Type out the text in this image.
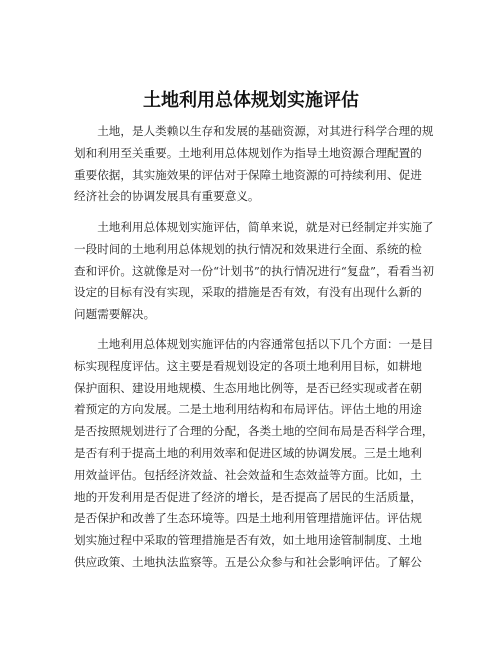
土地利用总体规划实施评估
　　土地，是人类赖以生存和发展的基础资源，对其进行科学合理的规
划和利用至关重要。土地利用总体规划作为指导土地资源合理配置的
重要依据，其实施效果的评估对于保障土地资源的可持续利用、促进
经济社会的协调发展具有重要意义。
　　土地利用总体规划实施评估，简单来说，就是对已经制定并实施了
一段时间的土地利用总体规划的执行情况和效果进行全面、系统的检
查和评价。这就像是对一份“计划书”的执行情况进行“复盘”，看看当初
设定的目标有没有实现，采取的措施是否有效，有没有出现什么新的
问题需要解决。
　　土地利用总体规划实施评估的内容通常包括以下几个方面：一是目
标实现程度评估。这主要是看规划设定的各项土地利用目标，如耕地
保护面积、建设用地规模、生态用地比例等，是否已经实现或者在朝
着预定的方向发展。二是土地利用结构和布局评估。评估土地的用途
是否按照规划进行了合理的分配，各类土地的空间布局是否科学合理，
是否有利于提高土地的利用效率和促进区域的协调发展。三是土地利
用效益评估。包括经济效益、社会效益和生态效益等方面。比如，土
地的开发利用是否促进了经济的增长，是否提高了居民的生活质量，
是否保护和改善了生态环境等。四是土地利用管理措施评估。评估规
划实施过程中采取的管理措施是否有效，如土地用途管制制度、土地
供应政策、土地执法监察等。五是公众参与和社会影响评估。了解公
